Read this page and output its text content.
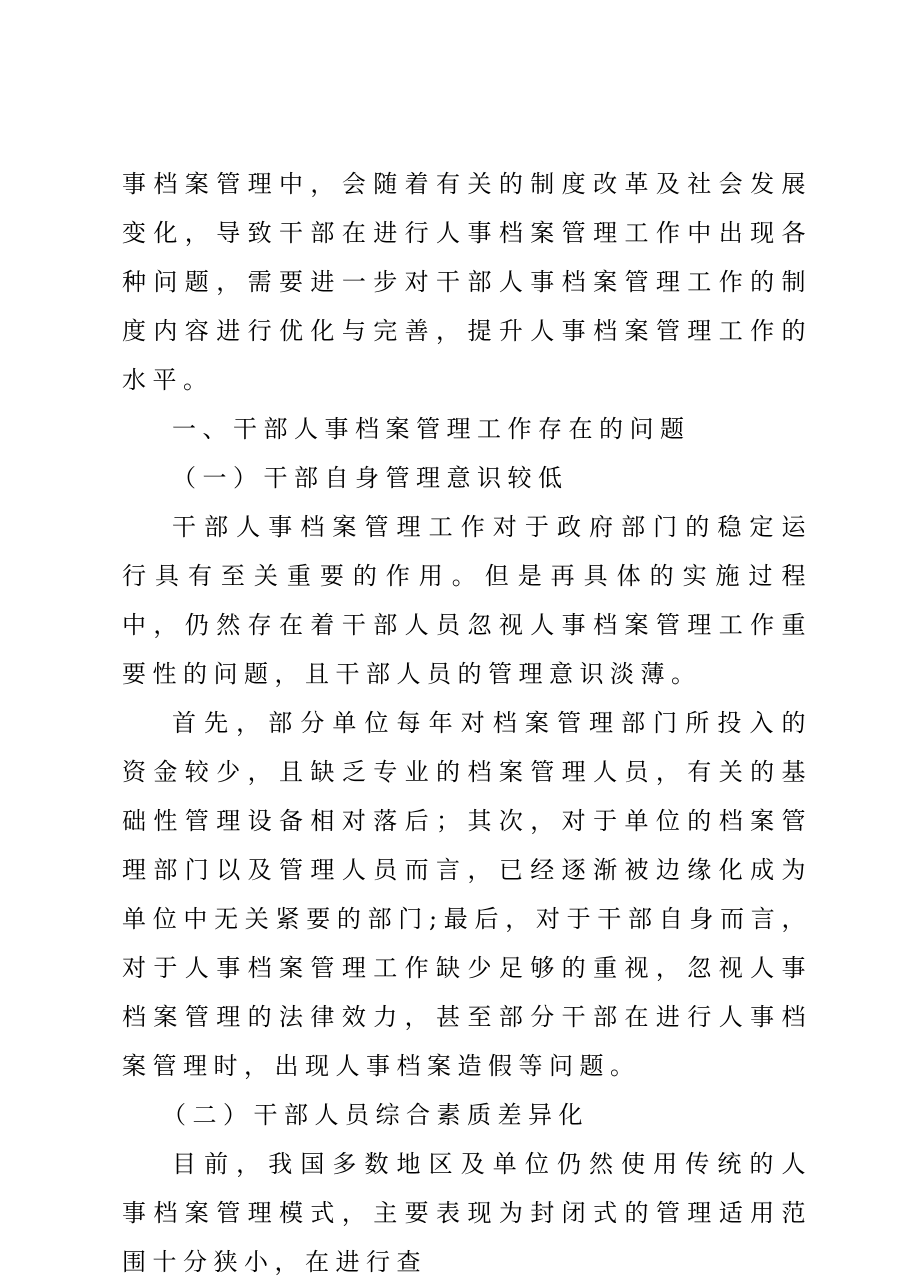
事档案管理中，会随着有关的制度改革及社会发展变化，导致干部在进行人事档案管理工作中出现各种问题，需要进一步对干部人事档案管理工作的制度内容进行优化与完善，提升人事档案管理工作的水平。

一、干部人事档案管理工作存在的问题

（一）干部自身管理意识较低

干部人事档案管理工作对于政府部门的稳定运行具有至关重要的作用。但是再具体的实施过程中，仍然存在着干部人员忽视人事档案管理工作重要性的问题，且干部人员的管理意识淡薄。

首先，部分单位每年对档案管理部门所投入的资金较少，且缺乏专业的档案管理人员，有关的基础性管理设备相对落后；其次，对于单位的档案管理部门以及管理人员而言，已经逐渐被边缘化成为单位中无关紧要的部门;最后，对于干部自身而言，对于人事档案管理工作缺少足够的重视，忽视人事档案管理的法律效力，甚至部分干部在进行人事档案管理时，出现人事档案造假等问题。

（二）干部人员综合素质差异化

目前，我国多数地区及单位仍然使用传统的人事档案管理模式，主要表现为封闭式的管理适用范围十分狭小，在进行查
